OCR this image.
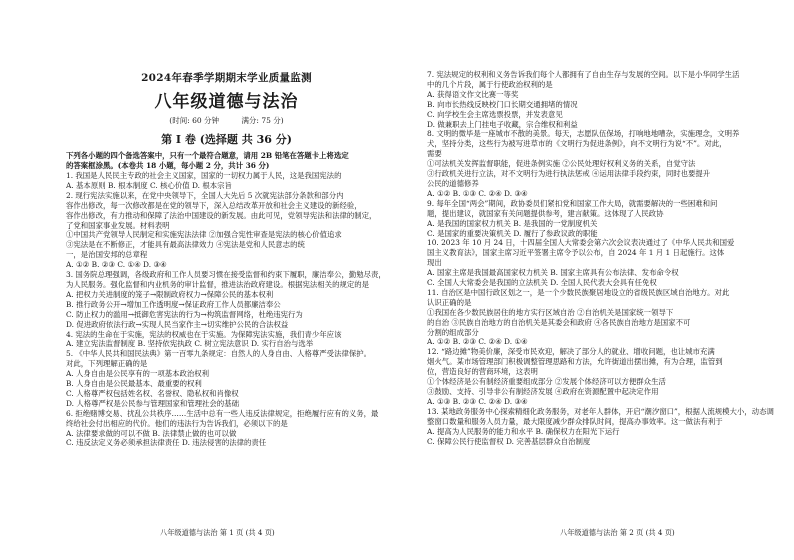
2024年春季学期期末学业质量监测
八年级道德与法治
(时间: 60 分钟	满分: 75 分)
第 I 卷 (选择题 共 36 分)
下列各小题的四个备选答案中，只有一个最符合题意，请用 2B 铅笔在答题卡上将选定
的答案框涂黑。(本卷共 18 小题，每小题 2 分，共计 36 分)
1. 我国是人民民主专政的社会主义国家，国家的一切权力属于人民，这是我国宪法的
A. 基本原则 B. 根本制度 C. 核心价值 D. 根本宗旨
2. 现行宪法实施以来，在党中央领导下，全国人大先后 5 次就宪法部分条款和部分内
容作出修改，每一次修改都是在党的领导下，深入总结改革开放和社会主义建设的新经验，
容作出修改，有力推动和保障了法治中国建设的新发展。由此可见，党领导宪法和法律的制定，
了党和国家事业发展。材料表明
①中国共产党领导人民制定和实施宪法法律 ②加强合宪性审查是宪法的核心价值追求
③宪法是在不断修正，才能具有最高法律效力 ④宪法是党和人民意志的统
一，是治国安邦的总章程
A. ①② B. ②③ C. ①④ D. ③④
3. 国务院总理强调，各级政府和工作人员要习惯在接受监督和约束下履职，廉洁奉公，勤勉尽责，
为人民服务。强化监督和内业机务的审计监督，推进法治政府建设。根据宪法相关的规定的是
A. 把权力关进制度的笼子→限制政府权力→保障公民的基本权利
B. 推行政务公开→增加工作透明度→保证政府工作人员都廉洁奉公
C. 防止权力的滥用→抵御危害宪法的行为→构筑监督网络，杜绝违宪行为
D. 促进政府依法行政→实现人民当家作主→切实维护公民的合法权益
4. 宪法的生命在于实施，宪法的权威也在于实施。为保障宪法实施，我们青少年应该
A. 建立宪法监督制度 B. 坚持依宪执政 C. 树立宪法意识 D. 实行自治与选举
5. 《中华人民共和国民法典》第一百零九条规定：自然人的人身自由、人格尊严受法律保护。
对此，下列理解正确的是
A. 人身自由是公民享有的一项基本政治权利
B. 人身自由是公民最基本、最重要的权利
C. 人格尊严权包括姓名权、名誉权、隐私权和肖像权
D. 人格尊严权是公民参与管理国家和管理社会的基础
6. 拒绝赌博交易、扰乱公共秩序……生活中总有一些人违反法律规定，拒绝履行应有的义务，最
终给社会付出相应的代价。他们的违法行为告诉我们，必须以下的是
A. 法律要求做的可以不做 B. 法律禁止做的也可以做
C. 违反法定义务必须承担法律责任 D. 违法侵害的法律的责任
7. 宪法规定的权利和义务告诉我们每个人都拥有了自由生存与发展的空间。以下是小华同学生活
中的几个片段，属于行使政治权利的是
A. 获得语文作文比赛一等奖
B. 向市长热线反映校门口长期交通拥堵的情况
C. 向学校生会主席选票投票，并发表意见
D. 做兼职去上门挂电子收藏，宗合维权和利益
8. 文明的微毕是一座城市不散的美景。每天，志愿队伍保场，打响地地嘈杂，实施理念，文明养
犬，坚持分类，这些行为被写进草市的《文明行为促进条例》，向不文明行为说“不”。对此，
需要
①可法机关发挥监督职能，促进条例实施 ②公民处理好权利义务的关系，自觉守法
③行政机关进行立法，对不文明行为进行执法惩戒 ④运用法律手段约束，同时也要提升
公民的道德修养
A. ①② B. ①③ C. ②④ D. ③④
9. 每年全国“两会”期间，政协委员们紧扣党和国家工作大局，就需要解决的一些困难和问
题，提出建议，就国家有关问题提供参考，建言献策。这体现了人民政协
A. 是我国的国家权力机关 B. 是我国的一党制度机关
C. 是国家的重要决策机关 D. 履行了参政议政的职能
10. 2023 年 10 月 24 日，十四届全国人大常委会第六次会议表决通过了《中华人民共和国爱
国主义教育法》，国家主席习近平签署主席令予以公布，自 2024 年 1 月 1 日起施行。这体
现出
A. 国家主席是我国最高国家权力机关 B. 国家主席具有公布法律、发布命令权
C. 全国人大常委会是我国的立法机关 D. 全国人民代表大会具有任免权
11. 自治区是中国行政区划之一，是一个少数民族聚居地设立的省级民族区域自治地方。对此
认识正确的是
①我国在各少数民族居住的地方实行区域自治 ②自治机关是国家统一领导下
的自治 ③民族自治地方的自治机关是其委会和政府 ④各民族自治地方是国家不可
分割的组成部分
A. ①② B. ②③ C. ②④ D. ①④
12. “路边摊”物美价廉，深受市民欢迎，解决了部分人的就业、增收问题，也让城市充满
烟火气。某市场管理部门积极调整管理思路和方法，允许街道出摆出摊，有为合理，监管到
位，营造良好的营商环境，这表明
①个体经济是公有制经济重要组成部分 ②发展个体经济可以方便群众生活
③鼓励、支持、引导非公有制经济发展 ④政府在资源配置中起决定作用
A. ①③ B. ②③ C. ②④ D. ③④
13. 某地政务服务中心探索精细化政务服务，对老年人群体，开启“潮汐窗口”，根据人流规模大小，动态调
整窗口数量和服务人员力量，最大限度减少群众排队时间，提高办事效率。这一做法有利于
A. 提高为人民服务的能力和水平 B. 确保权力在阳光下运行
C. 保障公民行使监督权 D. 完善基层群众自治制度
八年级道德与法治 第 1 页 (共 4 页)	八年级道德与法治 第 2 页 (共 4 页)
